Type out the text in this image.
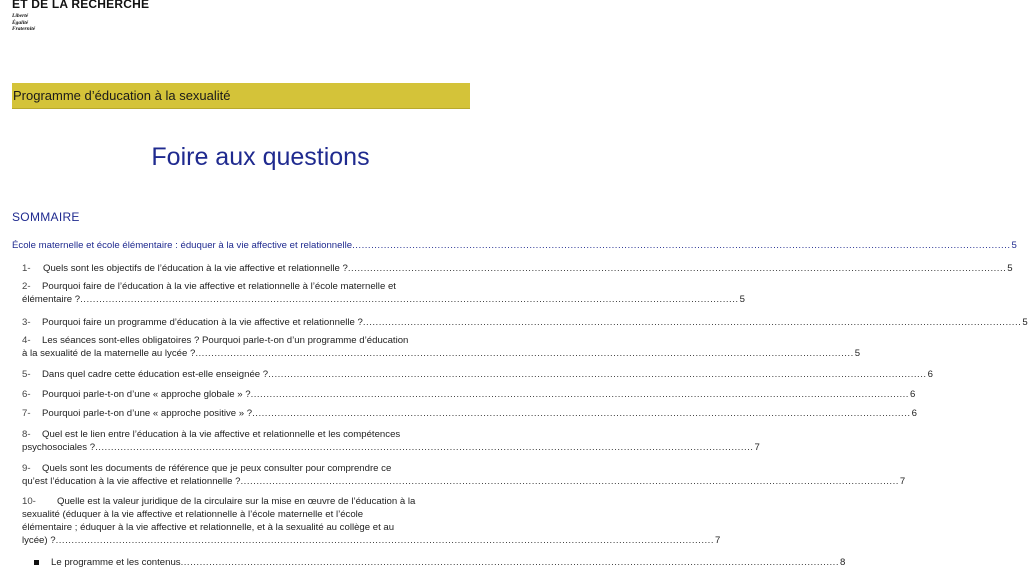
ET DE LA RECHERCHE
Liberté
Égalité
Fraternité
Programme d’éducation à la sexualité
Foire aux questions
SOMMAIRE
École maternelle et école élémentaire : éduquer à la vie affective et relationnelle .....	5
1- Quels sont les objectifs de l’éducation à la vie affective et relationnelle ? .....	5
2- Pourquoi faire de l’éducation à la vie affective et relationnelle à l’école maternelle et
élémentaire ? .....	5
3- Pourquoi faire un programme d’éducation à la vie affective et relationnelle ? .....	5
4- Les séances sont-elles obligatoires ? Pourquoi parle-t-on d’un programme d’éducation
à la sexualité de la maternelle au lycée ? .....	5
5- Dans quel cadre cette éducation est-elle enseignée ? .....	6
6- Pourquoi parle-t-on d’une « approche globale » ? .....	6
7- Pourquoi parle-t-on d’une « approche positive » ? .....	6
8- Quel est le lien entre l’éducation à la vie affective et relationnelle et les compétences
psychosociales ? .....	7
9- Quels sont les documents de référence que je peux consulter pour comprendre ce
qu’est l’éducation à la vie affective et relationnelle ? .....	7
10- Quelle est la valeur juridique de la circulaire sur la mise en œuvre de l’éducation à la
sexualité (éduquer à la vie affective et relationnelle à l’école maternelle et l’école
élémentaire ; éduquer à la vie affective et relationnelle, et à la sexualité au collège et au
lycée) ? .....	7
Le programme et les contenus .....	8
